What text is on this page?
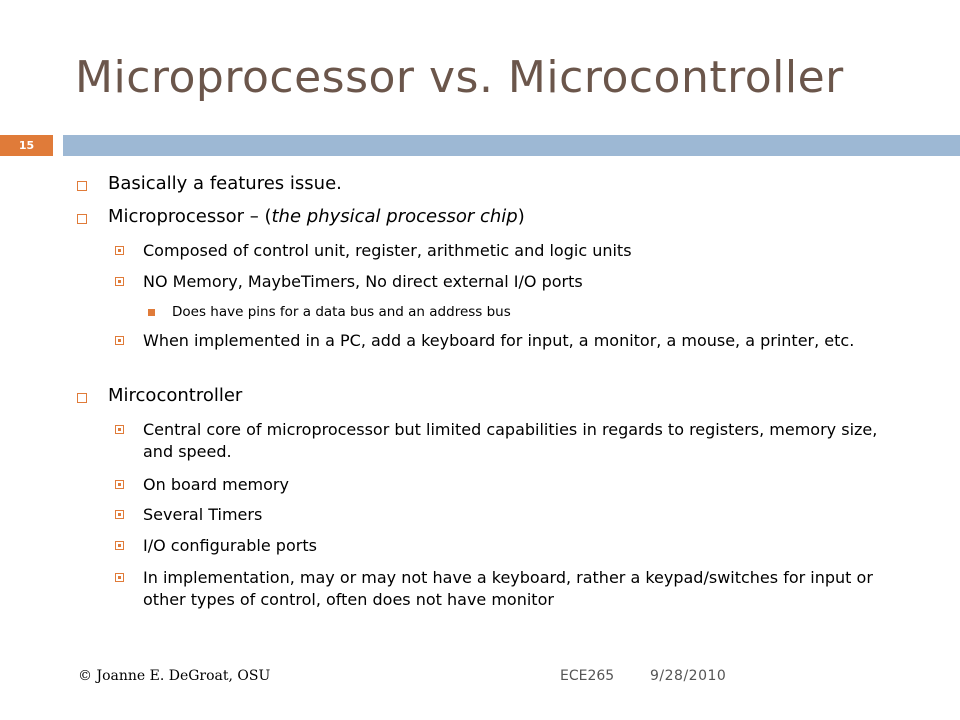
Microprocessor vs. Microcontroller
15
Basically a features issue.
Microprocessor – (the physical processor chip)
Composed of control unit, register, arithmetic and logic units
NO Memory, MaybeTimers, No direct external I/O ports
Does have pins for a data bus and an address bus
When implemented in a PC, add a keyboard for input, a monitor, a mouse, a printer, etc.
Mircocontroller
Central core of microprocessor but limited capabilities in regards to registers, memory size, and speed.
On board memory
Several Timers
I/O configurable ports
In implementation, may or may not have a keyboard, rather a keypad/switches for input or other types of control, often does not have monitor
© Joanne E. DeGroat, OSU	ECE265	9/28/2010
